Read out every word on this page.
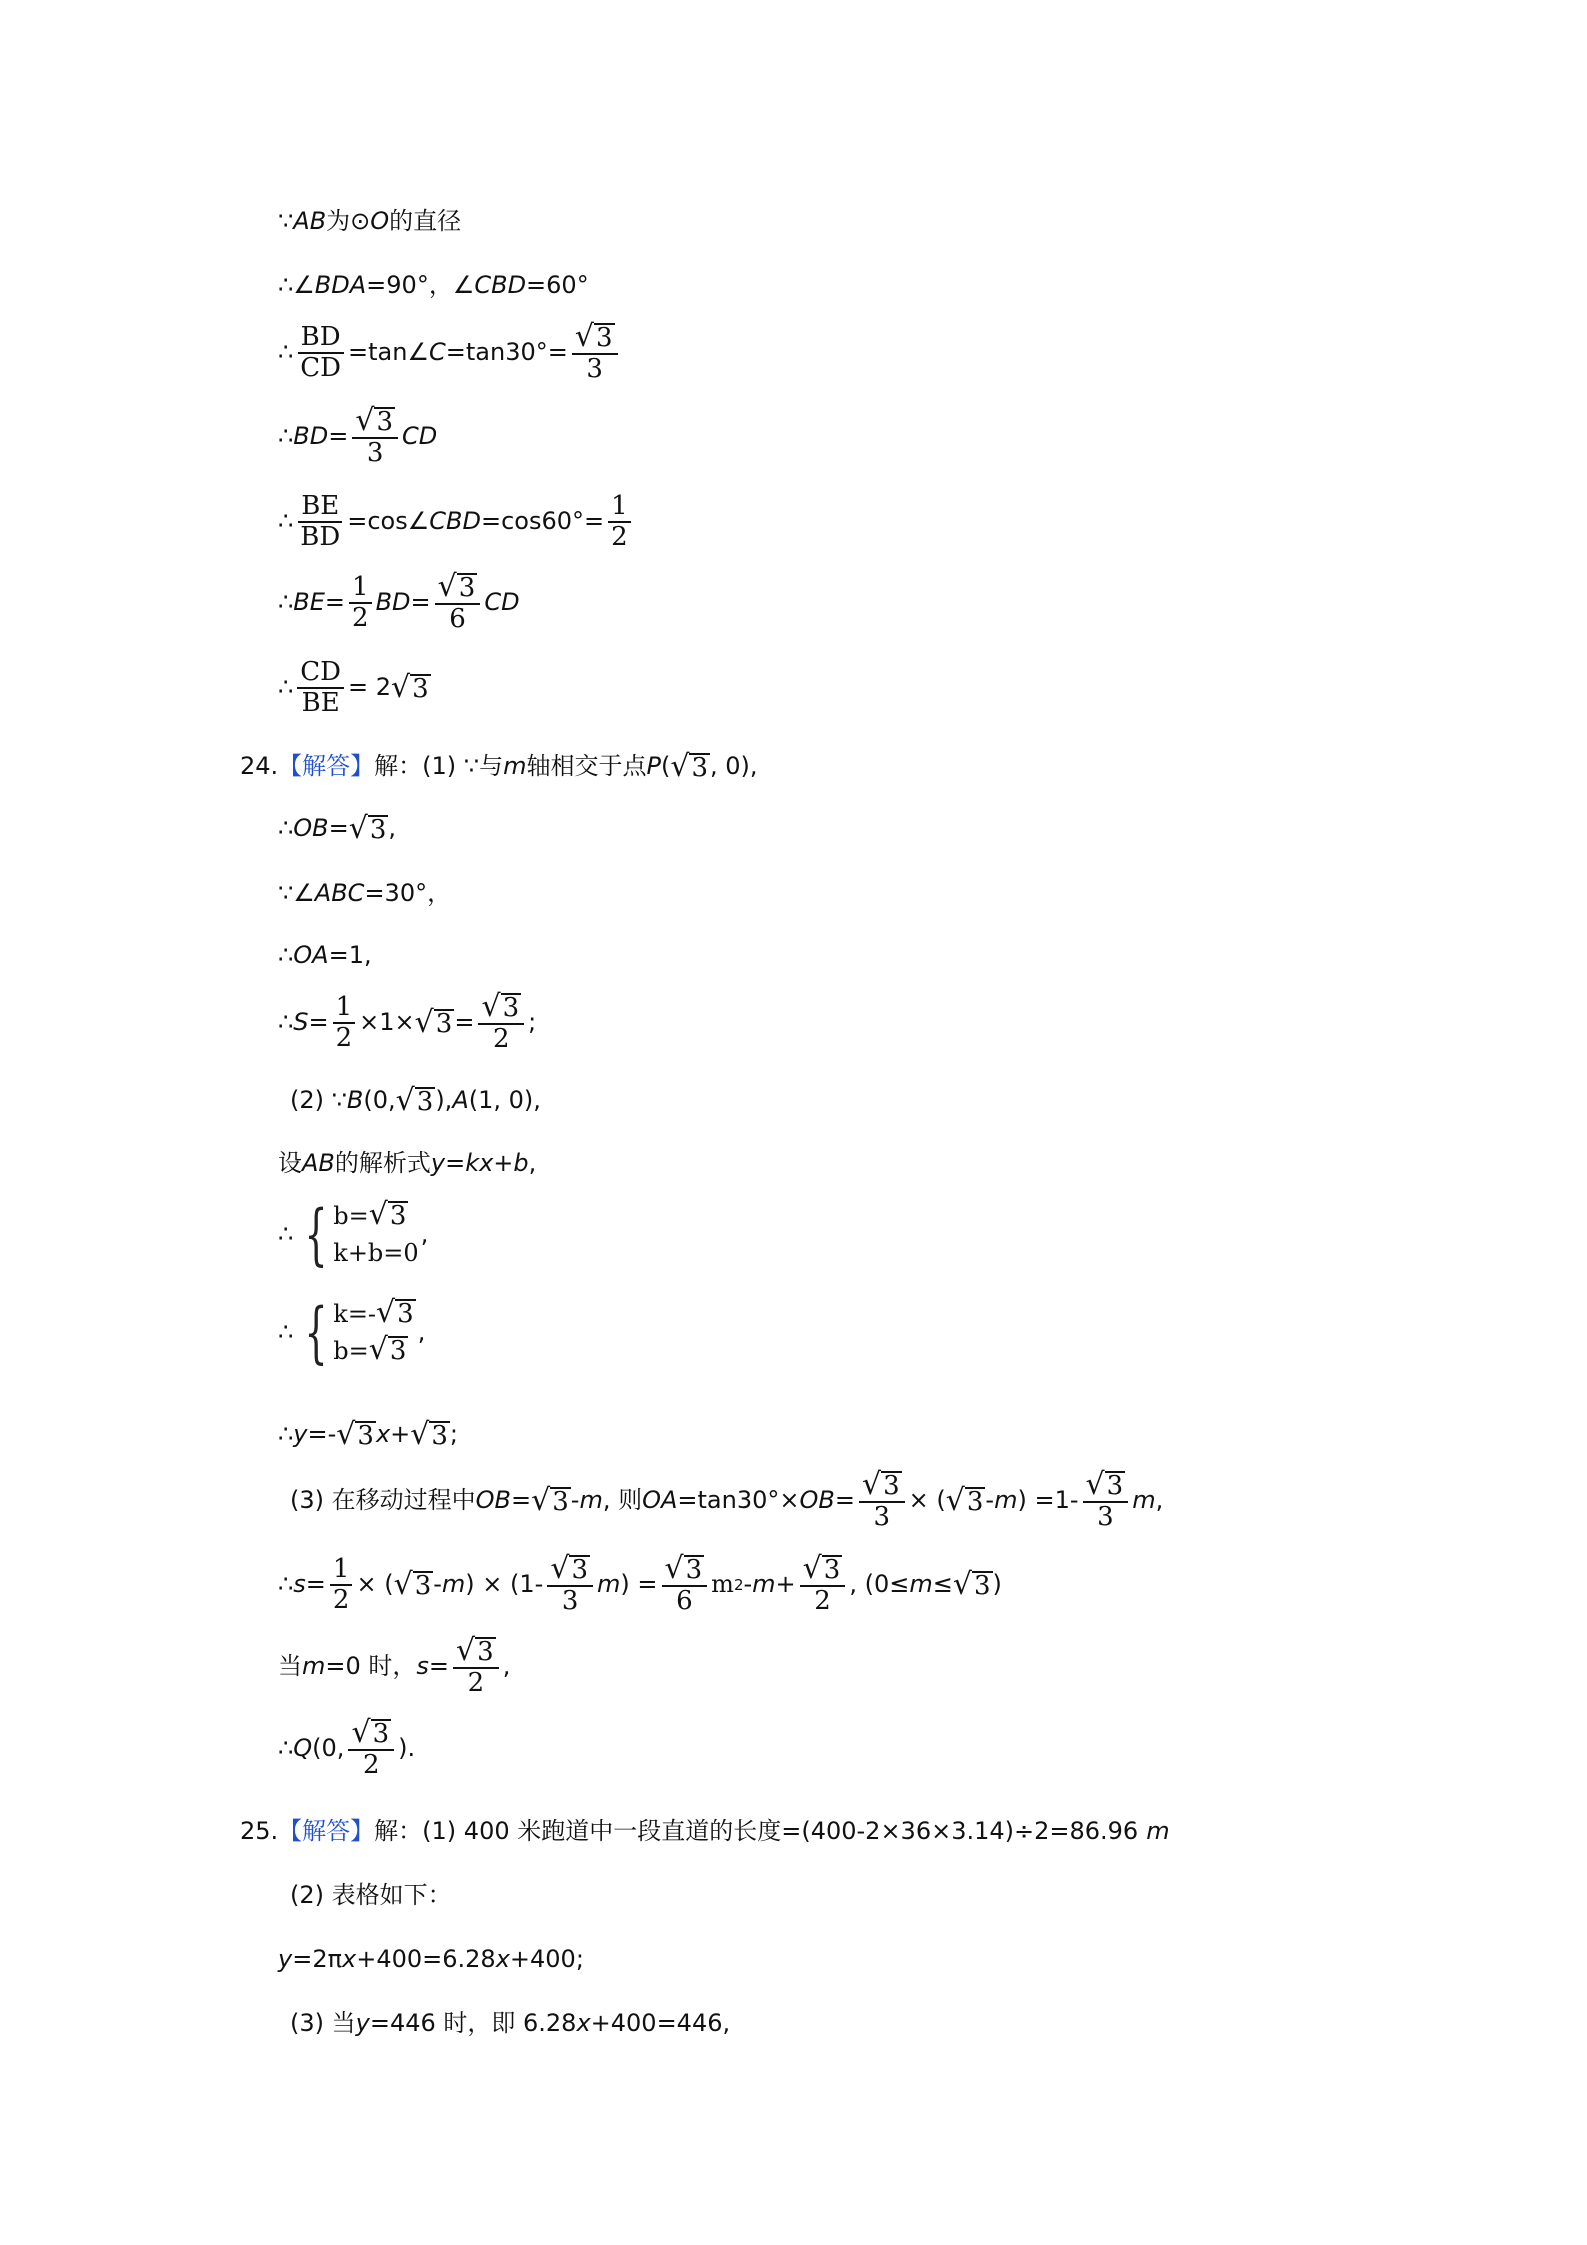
∵ AB 为⊙ O 的直径
∴∠ BDA =90°，∠ CBD =60°
∴ $\frac{BD}{CD}$ =tan∠ $C =\tan 30^\circ= \frac{√ 3}{3}$
∴ BD = $\frac{√ 3}{3}$ CD
∴ $\frac{BE}{BD}$ =cos∠ CBD $=\cos 60^\circ= \frac{1}{2}$
∴ BE = $\frac{1}{2}$ BD = $\frac{√ 3}{6}$ CD
∴ $\frac{CD}{BE} = 2$ √ 3
24. 【解答】 解：(1) ∵与 m 轴相交于点 P ( √ 3 , 0),
∴ OB = √ 3 ,
∵∠ ABC =30°，
∴ OA =1,
∴ $S = \frac{1}{2} \times 1\times$ √ $3 = \frac{√ 3}{2}$ ;
(2) ∵ B (0, √ 3 ), A (1, 0),
设 AB 的解析式 y=kx+b ,
∴ { b= √ 3
k+b=0
,
∴ { k=- √ 3
b= √ 3
,
∴ y =- √ 3 x + √ 3 ;
(3) 在移动过程中 OB = √ 3 - m , 则 OA =tan30°× OB = $\frac{√ 3}{3}$ × ( √ 3 - m ) $=1- \frac{√ 3}{3}$ m ,
∴ $s = \frac{1}{2}$ × ( √ 3 - m ) × ($1- \frac{√ 3}{3}$ m ) = $\frac{√ 3}{6}$ m $2 - m + \frac{√ 3}{2}$ , (0≤ m ≤ √ 3 )
当 m =0 时， $s = \frac{√ 3}{2}$ ,
∴ Q (0, $\frac{√ 3}{2}$ ).
25. 【解答】 解：(1) 400 米跑道中一段直道的长度=(400-2×36×3.14)÷2=86.96 m
(2) 表格如下：
y =2π x +400=6.28 x +400;
(3) 当 y =446 时，即 6.28 x +400=446,
